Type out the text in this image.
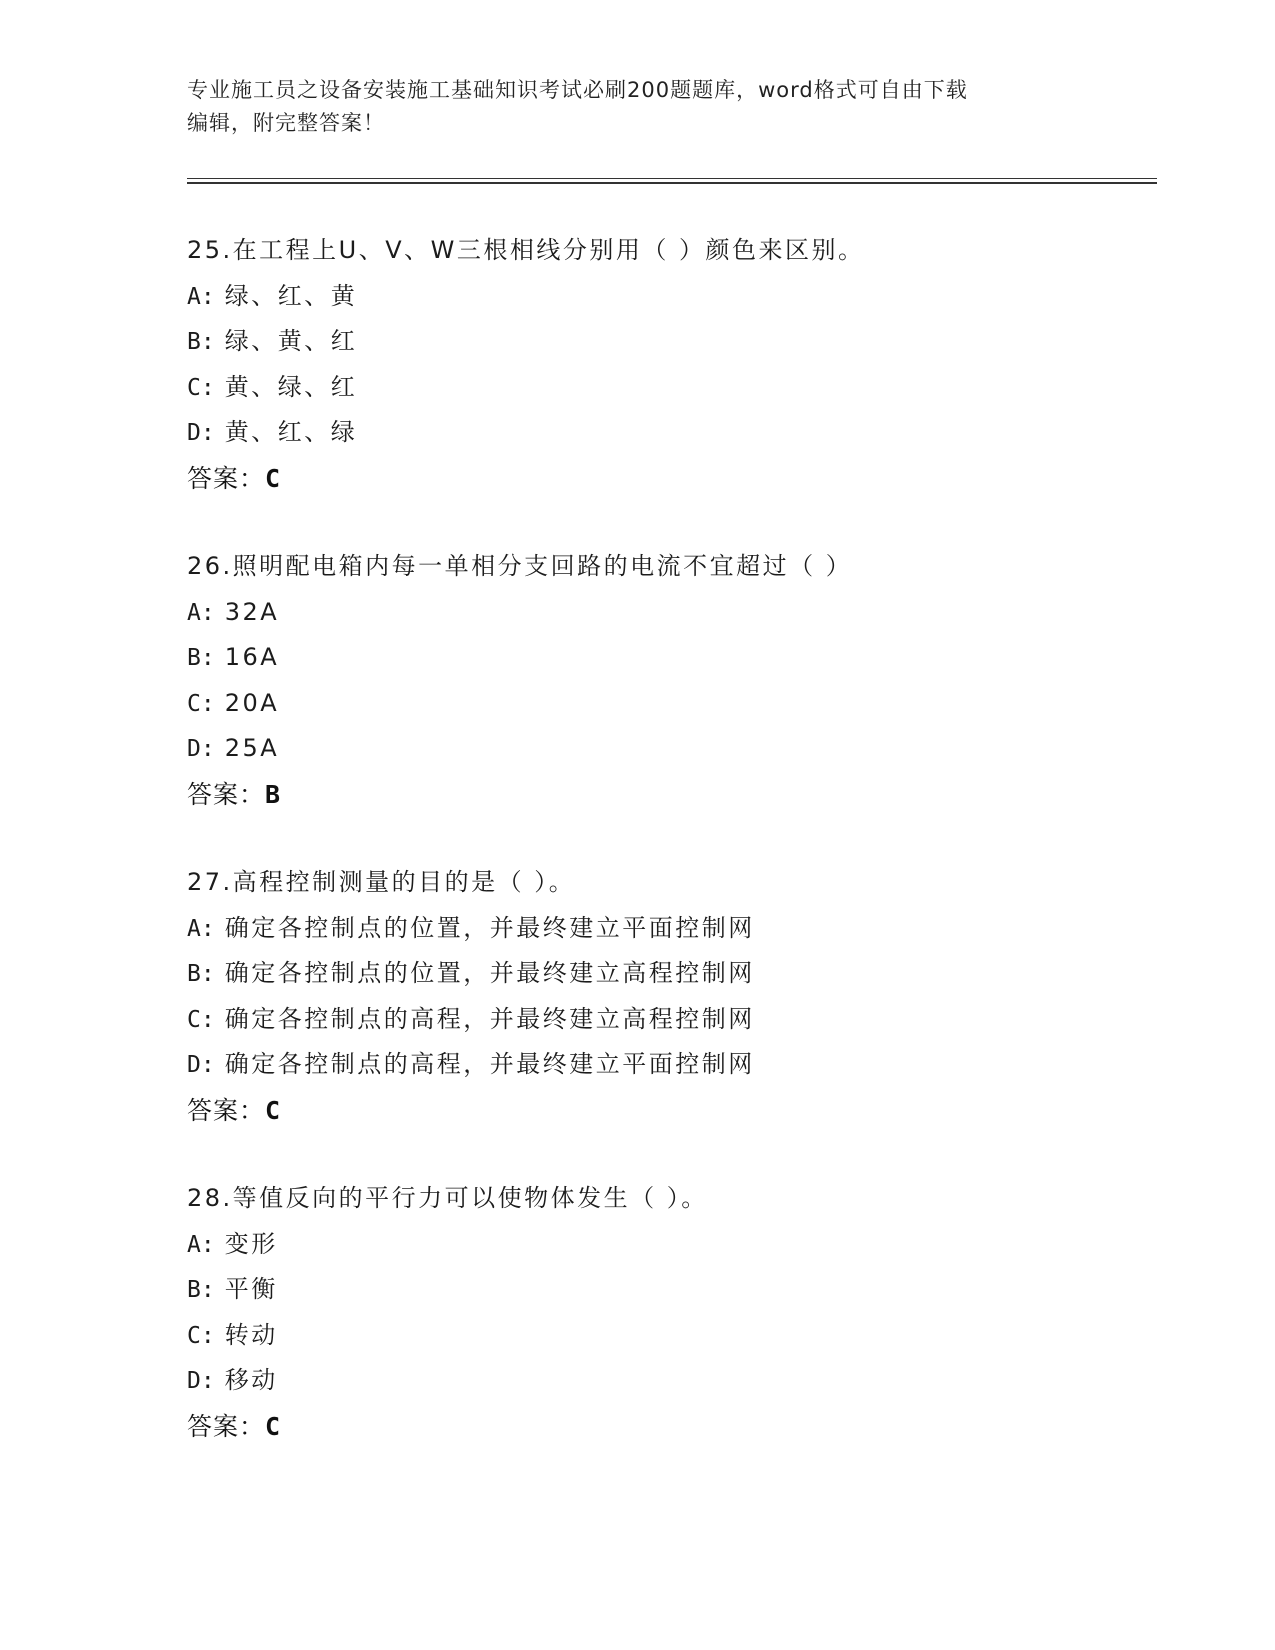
专业施工员之设备安装施工基础知识考试必刷200题题库，word格式可自由下载
编辑，附完整答案！
25.在工程上U、V、W三根相线分别用（ ）颜色来区别。
A: 绿、红、黄
B: 绿、黄、红
C: 黄、绿、红
D: 黄、红、绿
答案：C
26.照明配电箱内每一单相分支回路的电流不宜超过（ ）
A: 32A
B: 16A
C: 20A
D: 25A
答案：B
27.高程控制测量的目的是（ ）。
A: 确定各控制点的位置，并最终建立平面控制网
B: 确定各控制点的位置，并最终建立高程控制网
C: 确定各控制点的高程，并最终建立高程控制网
D: 确定各控制点的高程，并最终建立平面控制网
答案：C
28.等值反向的平行力可以使物体发生（ ）。
A: 变形
B: 平衡
C: 转动
D: 移动
答案：C
